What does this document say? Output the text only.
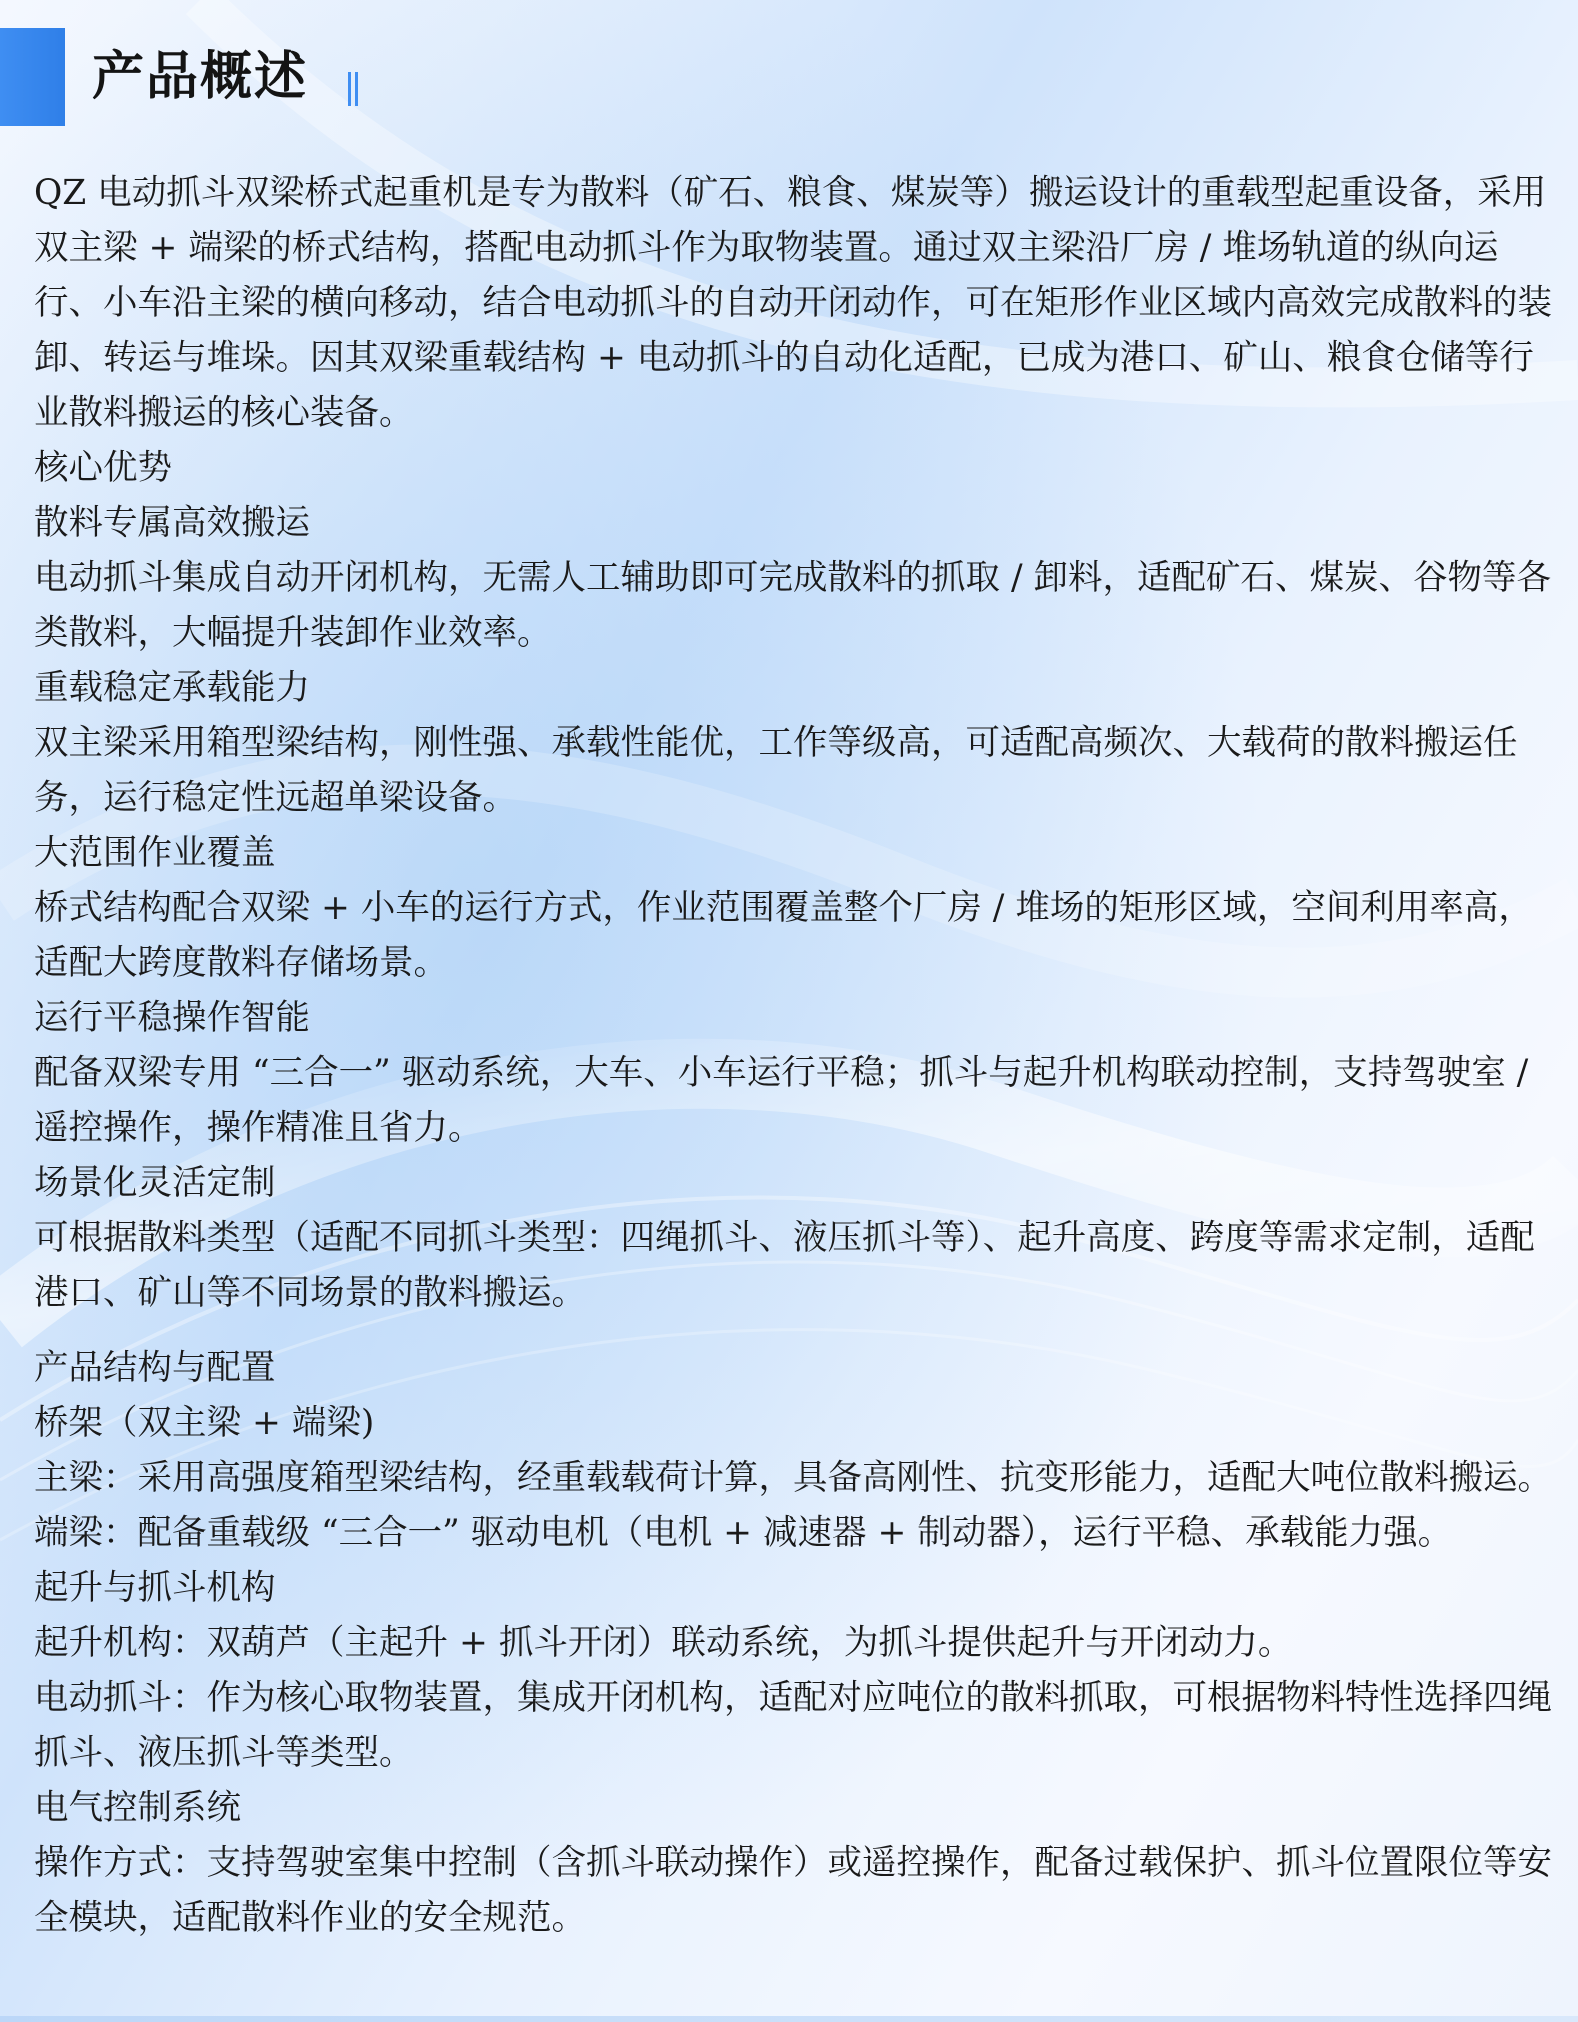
产品概述

QZ 电动抓斗双梁桥式起重机是专为散料（矿石、粮食、煤炭等）搬运设计的重载型起重设备，采用双主梁 + 端梁的桥式结构，搭配电动抓斗作为取物装置。通过双主梁沿厂房 / 堆场轨道的纵向运行、小车沿主梁的横向移动，结合电动抓斗的自动开闭动作，可在矩形作业区域内高效完成散料的装卸、转运与堆垛。因其双梁重载结构 + 电动抓斗的自动化适配，已成为港口、矿山、粮食仓储等行业散料搬运的核心装备。

核心优势

散料专属高效搬运

电动抓斗集成自动开闭机构，无需人工辅助即可完成散料的抓取 / 卸料，适配矿石、煤炭、谷物等各类散料，大幅提升装卸作业效率。

重载稳定承载能力

双主梁采用箱型梁结构，刚性强、承载性能优，工作等级高，可适配高频次、大载荷的散料搬运任务，运行稳定性远超单梁设备。

大范围作业覆盖

桥式结构配合双梁 + 小车的运行方式，作业范围覆盖整个厂房 / 堆场的矩形区域，空间利用率高，适配大跨度散料存储场景。

运行平稳操作智能

配备双梁专用 “三合一” 驱动系统，大车、小车运行平稳；抓斗与起升机构联动控制，支持驾驶室 / 遥控操作，操作精准且省力。

场景化灵活定制

可根据散料类型（适配不同抓斗类型：四绳抓斗、液压抓斗等）、起升高度、跨度等需求定制，适配港口、矿山等不同场景的散料搬运。

产品结构与配置

桥架（双主梁 + 端梁)

主梁：采用高强度箱型梁结构，经重载载荷计算，具备高刚性、抗变形能力，适配大吨位散料搬运。

端梁：配备重载级 “三合一” 驱动电机（电机 + 减速器 + 制动器），运行平稳、承载能力强。

起升与抓斗机构

起升机构：双葫芦（主起升 + 抓斗开闭）联动系统，为抓斗提供起升与开闭动力。

电动抓斗：作为核心取物装置，集成开闭机构，适配对应吨位的散料抓取，可根据物料特性选择四绳抓斗、液压抓斗等类型。

电气控制系统

操作方式：支持驾驶室集中控制（含抓斗联动操作）或遥控操作，配备过载保护、抓斗位置限位等安全模块，适配散料作业的安全规范。
